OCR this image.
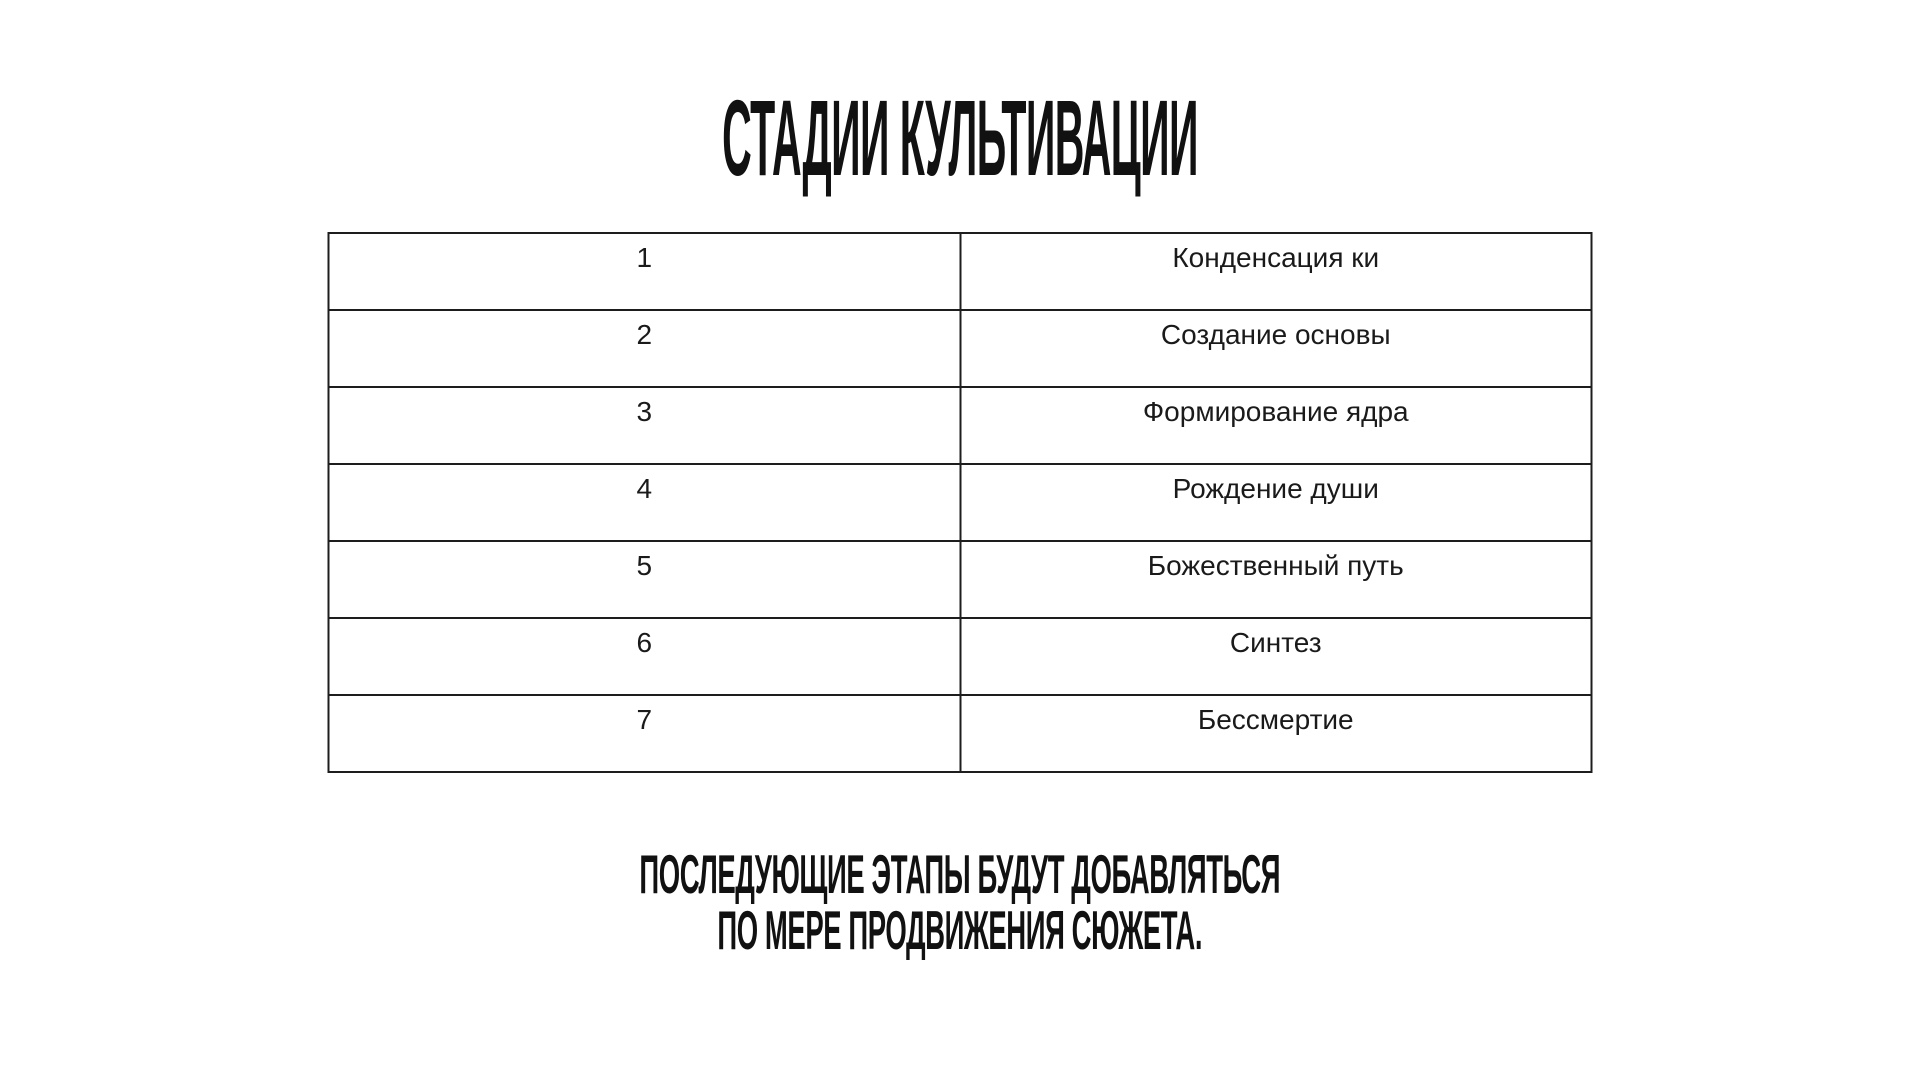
СТАДИИ КУЛЬТИВАЦИИ
1	Конденсация ки
2	Создание основы
3	Формирование ядра
4	Рождение души
5	Божественный путь
6	Синтез
7	Бессмертие
ПОСЛЕДУЮЩИЕ ЭТАПЫ БУДУТ ДОБАВЛЯТЬСЯ
ПО МЕРЕ ПРОДВИЖЕНИЯ СЮЖЕТА.
